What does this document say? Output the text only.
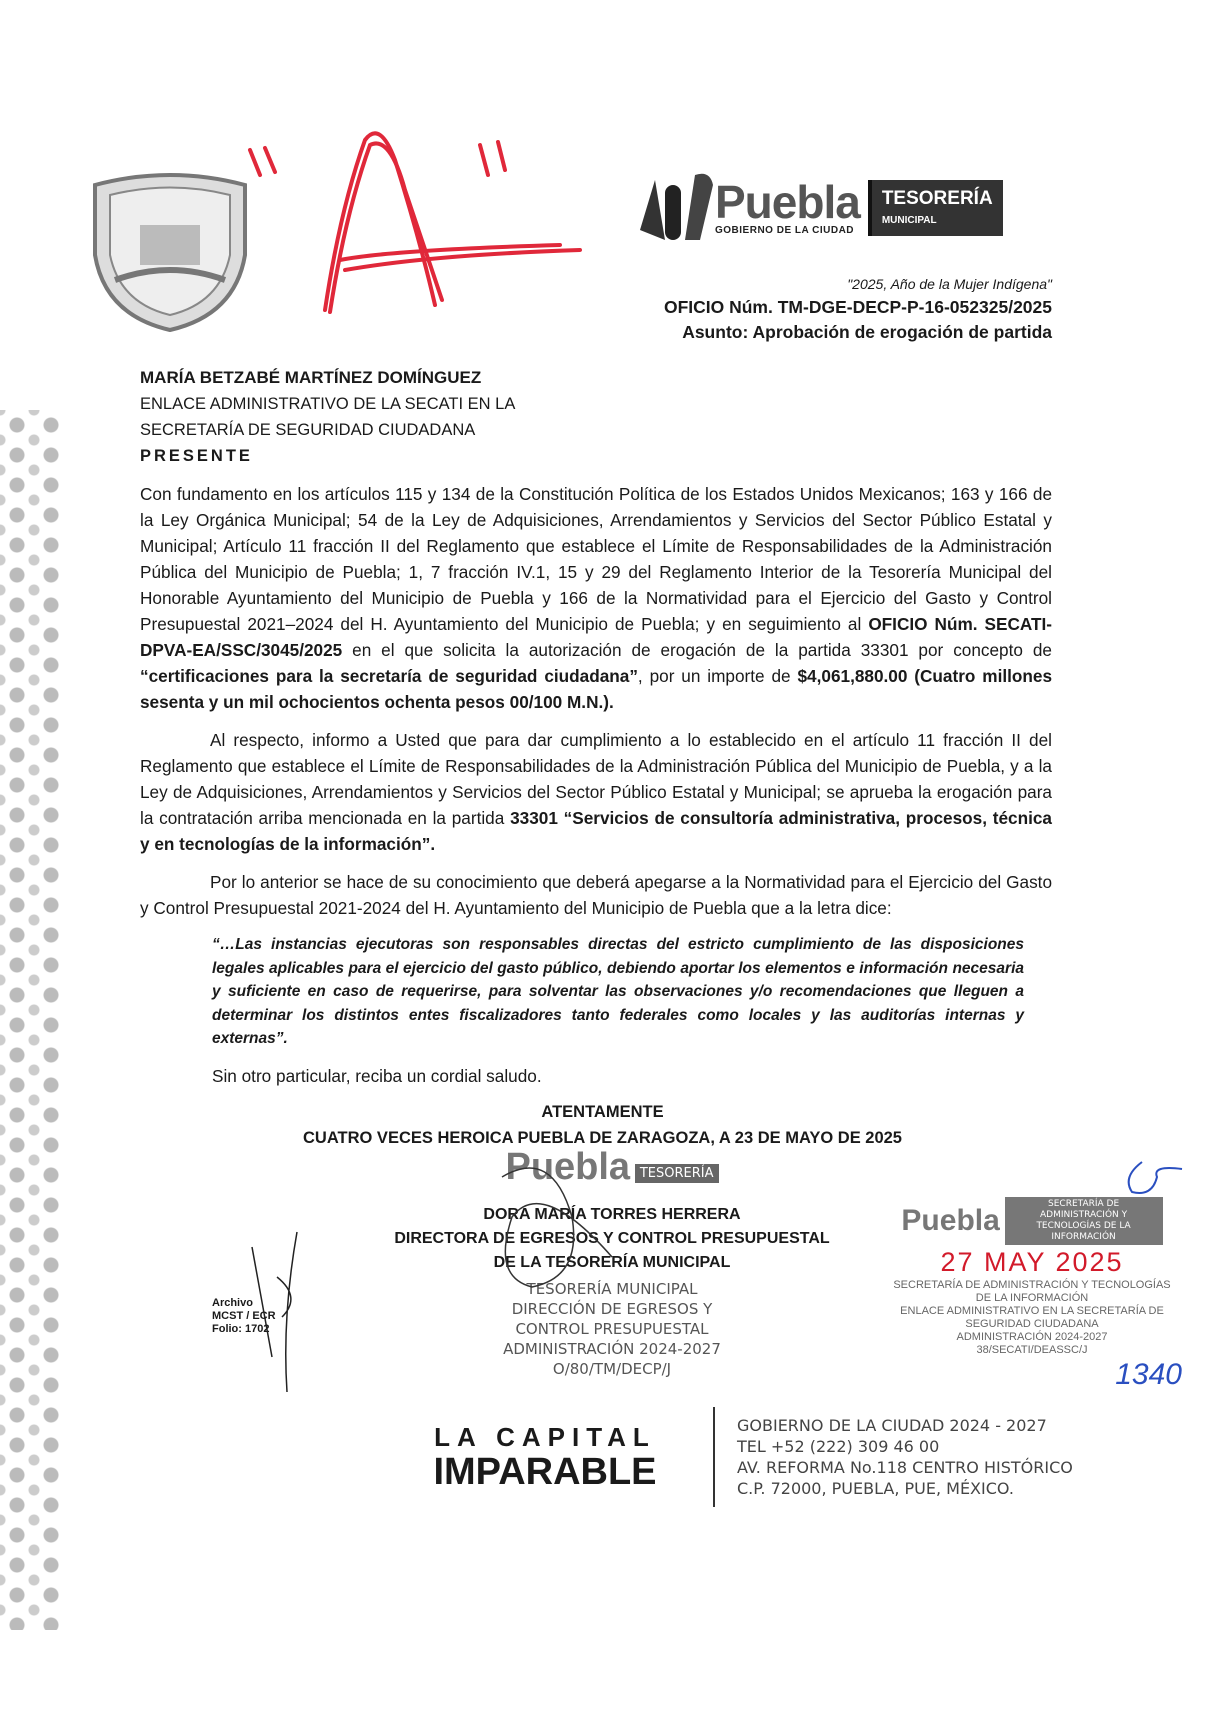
Puebla
GOBIERNO DE LA CIUDAD
TESORERÍA
MUNICIPAL
"2025, Año de la Mujer Indígena"
OFICIO Núm. TM-DGE-DECP-P-16-052325/2025
Asunto: Aprobación de erogación de partida
MARÍA BETZABÉ MARTÍNEZ DOMÍNGUEZ
ENLACE ADMINISTRATIVO DE LA SECATI EN LA
SECRETARÍA DE SEGURIDAD CIUDADANA
PRESENTE
Con fundamento en los artículos 115 y 134 de la Constitución Política de los Estados Unidos Mexicanos; 163 y 166 de la Ley Orgánica Municipal; 54 de la Ley de Adquisiciones, Arrendamientos y Servicios del Sector Público Estatal y Municipal; Artículo 11 fracción II del Reglamento que establece el Límite de Responsabilidades de la Administración Pública del Municipio de Puebla; 1, 7 fracción IV.1, 15 y 29 del Reglamento Interior de la Tesorería Municipal del Honorable Ayuntamiento del Municipio de Puebla y 166 de la Normatividad para el Ejercicio del Gasto y Control Presupuestal 2021–2024 del H. Ayuntamiento del Municipio de Puebla; y en seguimiento al OFICIO Núm. SECATI-DPVA-EA/SSC/3045/2025 en el que solicita la autorización de erogación de la partida 33301 por concepto de “certificaciones para la secretaría de seguridad ciudadana”, por un importe de $4,061,880.00 (Cuatro millones sesenta y un mil ochocientos ochenta pesos 00/100 M.N.).
Al respecto, informo a Usted que para dar cumplimiento a lo establecido en el artículo 11 fracción II del Reglamento que establece el Límite de Responsabilidades de la Administración Pública del Municipio de Puebla, y a la Ley de Adquisiciones, Arrendamientos y Servicios del Sector Público Estatal y Municipal; se aprueba la erogación para la contratación arriba mencionada en la partida 33301 “Servicios de consultoría administrativa, procesos, técnica y en tecnologías de la información”.
Por lo anterior se hace de su conocimiento que deberá apegarse a la Normatividad para el Ejercicio del Gasto y Control Presupuestal 2021-2024 del H. Ayuntamiento del Municipio de Puebla que a la letra dice:
“…Las instancias ejecutoras son responsables directas del estricto cumplimiento de las disposiciones legales aplicables para el ejercicio del gasto público, debiendo aportar los elementos e información necesaria y suficiente en caso de requerirse, para solventar las observaciones y/o recomendaciones que lleguen a determinar los distintos entes fiscalizadores tanto federales como locales y las auditorías internas y externas”.
Sin otro particular, reciba un cordial saludo.
ATENTAMENTE
CUATRO VECES HEROICA PUEBLA DE ZARAGOZA, A 23 DE MAYO DE 2025
Archivo
MCST / ECR
Folio: 1702
Puebla TESORERÍA
DORA MARÍA TORRES HERRERA
DIRECTORA DE EGRESOS Y CONTROL PRESUPUESTAL
DE LA TESORERÍA MUNICIPAL
TESORERÍA MUNICIPAL
DIRECCIÓN DE EGRESOS Y
CONTROL PRESUPUESTAL
ADMINISTRACIÓN 2024-2027
O/80/TM/DECP/J
Puebla	SECRETARÍA DE ADMINISTRACIÓN Y TECNOLOGÍAS DE LA INFORMACIÓN
27 MAY 2025
SECRETARÍA DE ADMINISTRACIÓN Y TECNOLOGÍAS
DE LA INFORMACIÓN
ENLACE ADMINISTRATIVO EN LA SECRETARÍA DE
SEGURIDAD CIUDADANA
ADMINISTRACIÓN 2024-2027
38/SECATI/DEASSC/J
1340
LA CAPITAL
IMPARABLE
GOBIERNO DE LA CIUDAD 2024 - 2027
TEL +52 (222) 309 46 00
AV. REFORMA No.118 CENTRO HISTÓRICO
C.P. 72000, PUEBLA, PUE, MÉXICO.
